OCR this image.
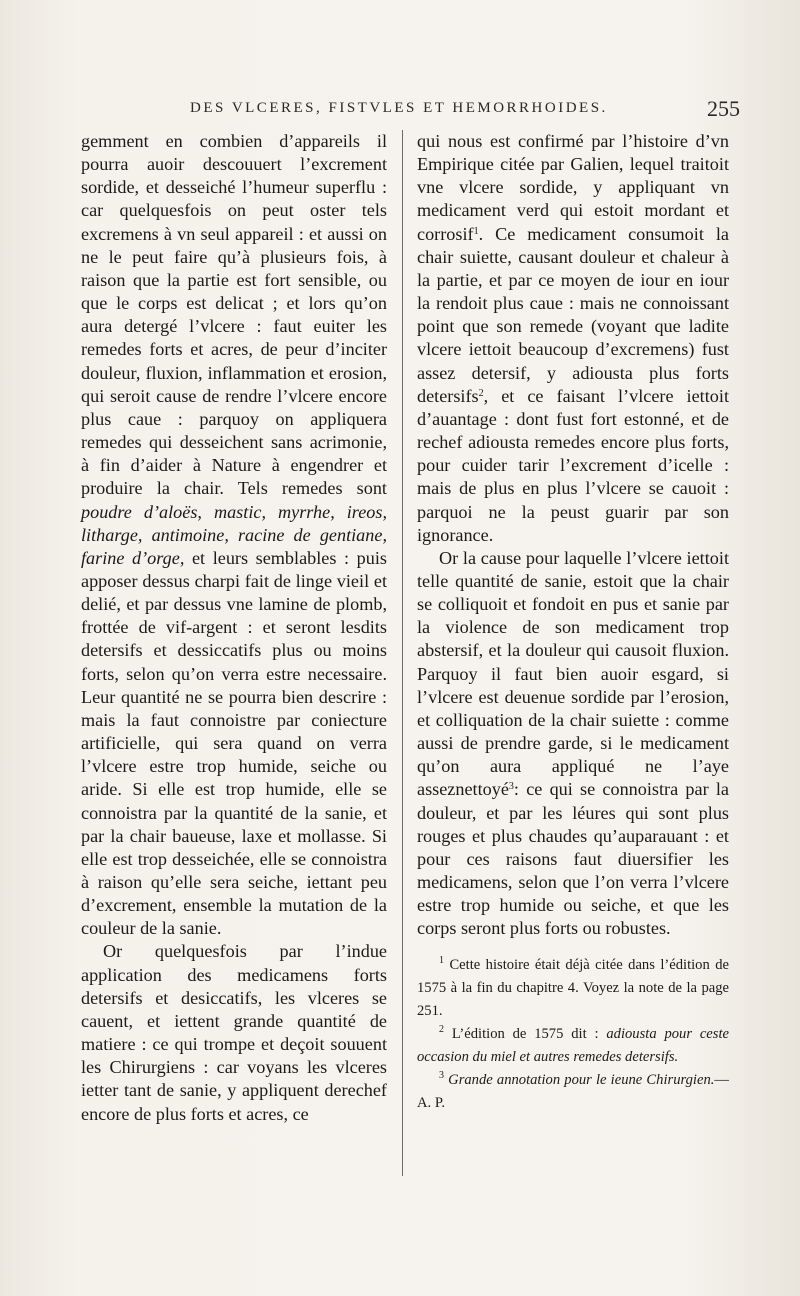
DES VLCERES, FISTVLES ET HEMORRHOIDES.	255

gemment en combien d’appareils il pourra auoir descouuert l’excrement sordide, et desseiché l’humeur superflu : car quelquesfois on peut oster tels excremens à vn seul appareil : et aussi on ne le peut faire qu’à plusieurs fois, à raison que la partie est fort sensible, ou que le corps est delicat ; et lors qu’on aura detergé l’vlcere : faut euiter les remedes forts et acres, de peur d’inciter douleur, fluxion, inflammation et erosion, qui seroit cause de rendre l’vlcere encore plus caue : parquoy on appliquera remedes qui desseichent sans acrimonie, à fin d’aider à Nature à engendrer et produire la chair. Tels remedes sont poudre d’aloës, mastic, myrrhe, ireos, litharge, antimoine, racine de gentiane, farine d’orge, et leurs semblables : puis apposer dessus charpi fait de linge vieil et delié, et par dessus vne lamine de plomb, frottée de vif-argent : et seront lesdits detersifs et dessiccatifs plus ou moins forts, selon qu’on verra estre necessaire. Leur quantité ne se pourra bien descrire : mais la faut connoistre par coniecture artificielle, qui sera quand on verra l’vlcere estre trop humide, seiche ou aride. Si elle est trop humide, elle se connoistra par la quantité de la sanie, et par la chair baueuse, laxe et mollasse. Si elle est trop desseichée, elle se connoistra à raison qu’elle sera seiche, iettant peu d’excrement, ensemble la mutation de la couleur de la sanie.

Or quelquesfois par l’indue application des medicamens forts detersifs et desiccatifs, les vlceres se cauent, et iettent grande quantité de matiere : ce qui trompe et deçoit souuent les Chirurgiens : car voyans les vlceres ietter tant de sanie, y appliquent derechef encore de plus forts et acres, ce

qui nous est confirmé par l’histoire d’vn Empirique citée par Galien, lequel traitoit vne vlcere sordide, y appliquant vn medicament verd qui estoit mordant et corrosif$^1$. Ce medicament consumoit la chair suiette, causant douleur et chaleur à la partie, et par ce moyen de iour en iour la rendoit plus caue : mais ne connoissant point que son remede (voyant que ladite vlcere iettoit beaucoup d’excremens) fust assez detersif, y adiousta plus forts detersifs$^2$, et ce faisant l’vlcere iettoit d’auantage : dont fust fort estonné, et de rechef adiousta remedes encore plus forts, pour cuider tarir l’excrement d’icelle : mais de plus en plus l’vlcere se cauoit : parquoi ne la peust guarir par son ignorance.

Or la cause pour laquelle l’vlcere iettoit telle quantité de sanie, estoit que la chair se colliquoit et fondoit en pus et sanie par la violence de son medicament trop abstersif, et la douleur qui causoit fluxion. Parquoy il faut bien auoir esgard, si l’vlcere est deuenue sordide par l’erosion, et colliquation de la chair suiette : comme aussi de prendre garde, si le medicament qu’on aura appliqué ne l’aye asseznettoyé$^3$: ce qui se connoistra par la douleur, et par les léures qui sont plus rouges et plus chaudes qu’auparauant : et pour ces raisons faut diuersifier les medicamens, selon que l’on verra l’vlcere estre trop humide ou seiche, et que les corps seront plus forts ou robustes.

$^1$ Cette histoire était déjà citée dans l’édition de 1575 à la fin du chapitre 4. Voyez la note de la page 251.

$^2$ L’édition de 1575 dit : adiousta pour ceste occasion du miel et autres remedes detersifs.

$^3$ Grande annotation pour le ieune Chirurgien.— A. P.
